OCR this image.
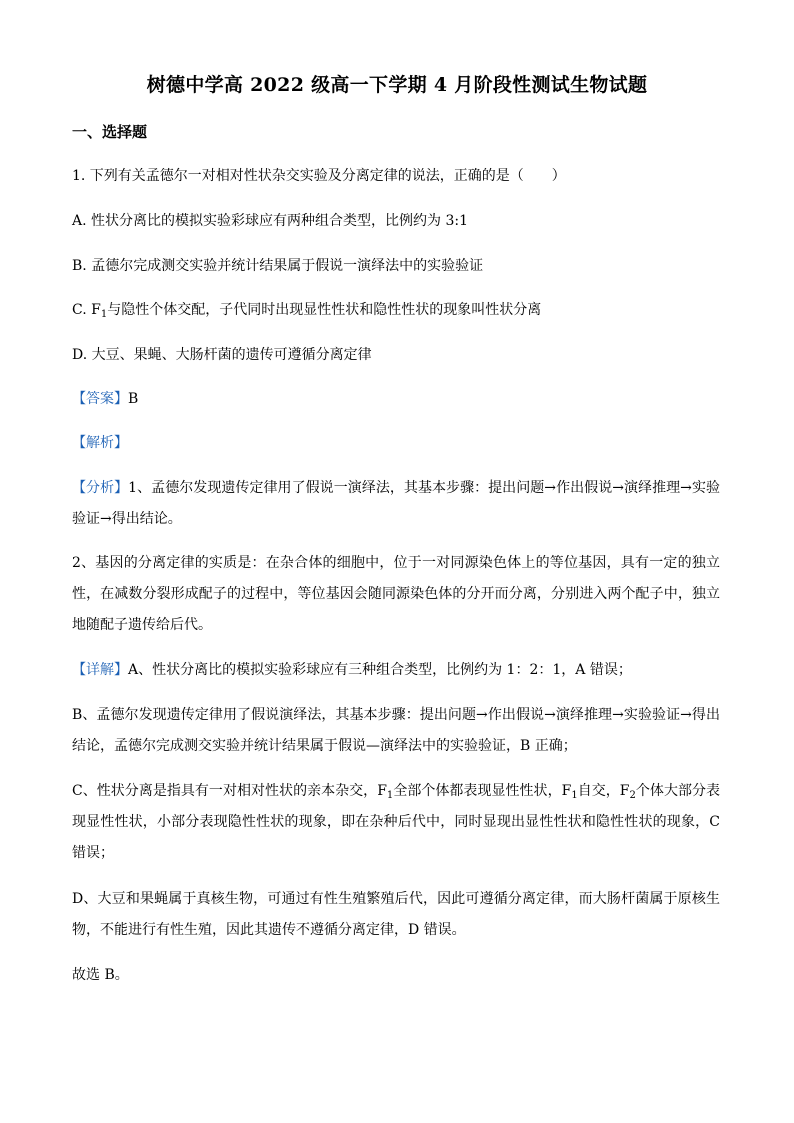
树德中学高 2022 级高一下学期 4 月阶段性测试生物试题
一、选择题
1. 下列有关孟德尔一对相对性状杂交实验及分离定律的说法，正确的是（　　）
A. 性状分离比的模拟实验彩球应有两种组合类型，比例约为 3:1
B. 孟德尔完成测交实验并统计结果属于假说一演绎法中的实验验证
C. $F_1$与隐性个体交配，子代同时出现显性性状和隐性性状的现象叫性状分离
D. 大豆、果蝇、大肠杆菌的遗传可遵循分离定律
【答案】B
【解析】
【分析】1、孟德尔发现遗传定律用了假说一演绎法，其基本步骤：提出问题→作出假说→演绎推理→实验验证→得出结论。
2、基因的分离定律的实质是：在杂合体的细胞中，位于一对同源染色体上的等位基因，具有一定的独立性，在减数分裂形成配子的过程中，等位基因会随同源染色体的分开而分离，分别进入两个配子中，独立地随配子遗传给后代。
【详解】A、性状分离比的模拟实验彩球应有三种组合类型，比例约为 1：2：1，A 错误；
B、孟德尔发现遗传定律用了假说演绎法，其基本步骤：提出问题→作出假说→演绎推理→实验验证→得出结论，孟德尔完成测交实验并统计结果属于假说—演绎法中的实验验证，B 正确；
C、性状分离是指具有一对相对性状的亲本杂交，$F_1$全部个体都表现显性性状，$F_1$自交，$F_2$个体大部分表现显性性状，小部分表现隐性性状的现象，即在杂种后代中，同时显现出显性性状和隐性性状的现象，C 错误；
D、大豆和果蝇属于真核生物，可通过有性生殖繁殖后代，因此可遵循分离定律，而大肠杆菌属于原核生物，不能进行有性生殖，因此其遗传不遵循分离定律，D 错误。
故选 B。
